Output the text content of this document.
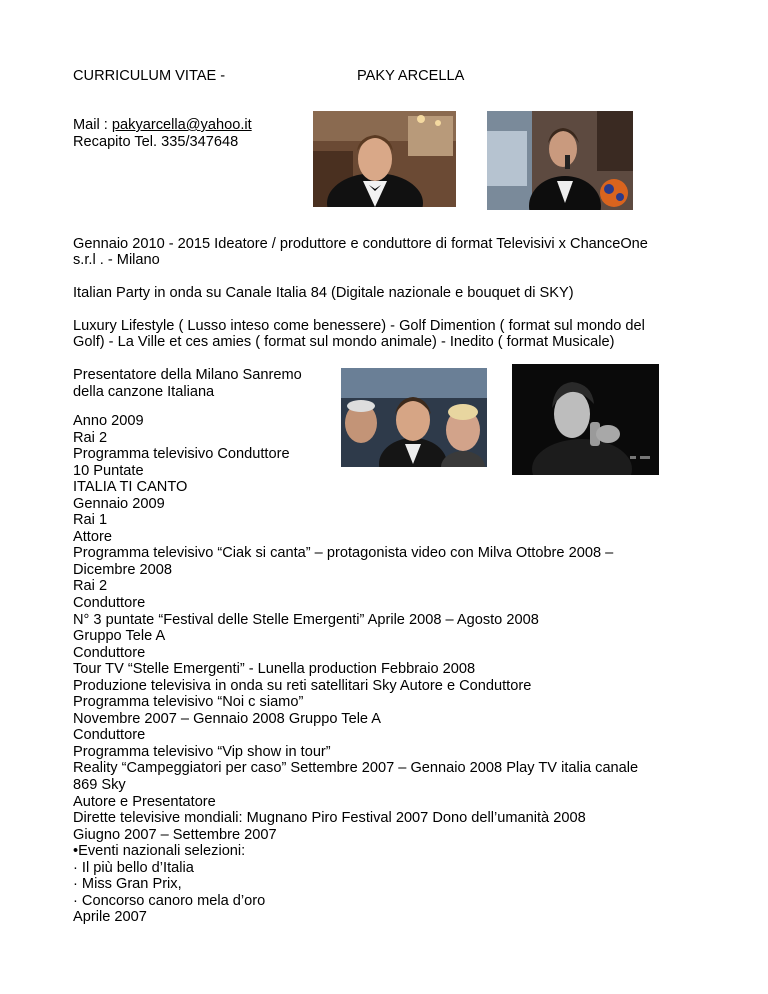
CURRICULUM VITAE -	PAKY ARCELLA
Mail : pakyarcella@yahoo.it
Recapito Tel. 335/347648
Gennaio 2010 - 2015 Ideatore / produttore e conduttore di format Televisivi x ChanceOne
s.r.l . - Milano
Italian Party in onda su Canale Italia 84 (Digitale nazionale e bouquet di SKY)
Luxury Lifestyle ( Lusso inteso come benessere) - Golf Dimention ( format sul mondo del
Golf) - La Ville et ces amies ( format sul mondo animale) - Inedito ( format Musicale)
Presentatore della Milano Sanremo
della canzone Italiana
Anno 2009
Rai 2
Programma televisivo Conduttore
10 Puntate
ITALIA TI CANTO
Gennaio 2009
Rai 1
Attore
Programma televisivo “Ciak si canta” – protagonista video con Milva Ottobre 2008 –
Dicembre 2008
Rai 2
Conduttore
N° 3 puntate “Festival delle Stelle Emergenti” Aprile 2008 – Agosto 2008
Gruppo Tele A
Conduttore
Tour TV “Stelle Emergenti” - Lunella production Febbraio 2008
Produzione televisiva in onda su reti satellitari Sky Autore e Conduttore
Programma televisivo “Noi c siamo”
Novembre 2007 – Gennaio 2008 Gruppo Tele A
Conduttore
Programma televisivo “Vip show in tour”
Reality “Campeggiatori per caso” Settembre 2007 – Gennaio 2008 Play TV italia canale
869 Sky
Autore e Presentatore
Dirette televisive mondiali: Mugnano Piro Festival 2007 Dono dell’umanità 2008
Giugno 2007 – Settembre 2007
•Eventi nazionali selezioni:
· Il più bello d’Italia
· Miss Gran Prix,
· Concorso canoro mela d’oro
Aprile 2007
